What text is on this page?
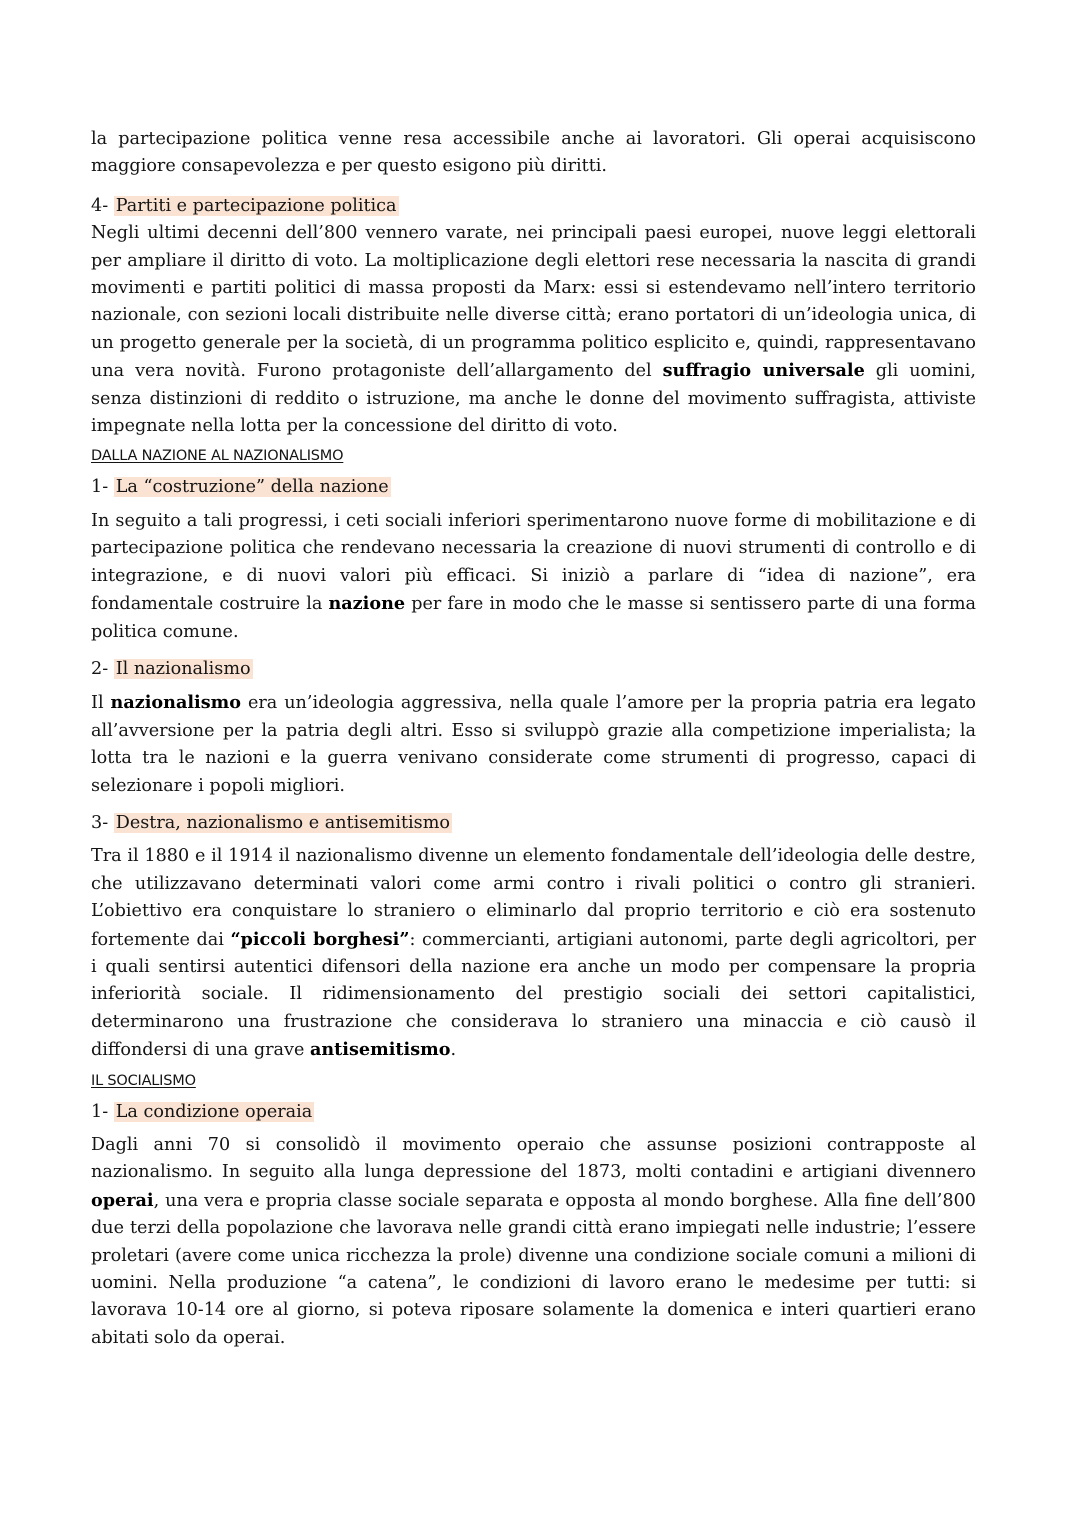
la partecipazione politica venne resa accessibile anche ai lavoratori. Gli operai acquisiscono maggiore consapevolezza e per questo esigono più diritti.

4- Partiti e partecipazione politica

Negli ultimi decenni dell’800 vennero varate, nei principali paesi europei, nuove leggi elettorali per ampliare il diritto di voto. La moltiplicazione degli elettori rese necessaria la nascita di grandi movimenti e partiti politici di massa proposti da Marx: essi si estendevamo nell’intero territorio nazionale, con sezioni locali distribuite nelle diverse città; erano portatori di un’ideologia unica, di un progetto generale per la società, di un programma politico esplicito e, quindi, rappresentavano una vera novità. Furono protagoniste dell’allargamento del suffragio universale gli uomini, senza distinzioni di reddito o istruzione, ma anche le donne del movimento suffragista, attiviste impegnate nella lotta per la concessione del diritto di voto.

DALLA NAZIONE AL NAZIONALISMO
1- La “costruzione” della nazione

In seguito a tali progressi, i ceti sociali inferiori sperimentarono nuove forme di mobilitazione e di partecipazione politica che rendevano necessaria la creazione di nuovi strumenti di controllo e di integrazione, e di nuovi valori più efficaci. Si iniziò a parlare di “idea di nazione”, era fondamentale costruire la nazione per fare in modo che le masse si sentissero parte di una forma politica comune.

2- Il nazionalismo

Il nazionalismo era un’ideologia aggressiva, nella quale l’amore per la propria patria era legato all’avversione per la patria degli altri. Esso si sviluppò grazie alla competizione imperialista; la lotta tra le nazioni e la guerra venivano considerate come strumenti di progresso, capaci di selezionare i popoli migliori.

3- Destra, nazionalismo e antisemitismo

Tra il 1880 e il 1914 il nazionalismo divenne un elemento fondamentale dell’ideologia delle destre, che utilizzavano determinati valori come armi contro i rivali politici o contro gli stranieri. L’obiettivo era conquistare lo straniero o eliminarlo dal proprio territorio e ciò era sostenuto fortemente dai “piccoli borghesi”: commercianti, artigiani autonomi, parte degli agricoltori, per i quali sentirsi autentici difensori della nazione era anche un modo per compensare la propria inferiorità sociale. Il ridimensionamento del prestigio sociali dei settori capitalistici, determinarono una frustrazione che considerava lo straniero una minaccia e ciò causò il diffondersi di una grave antisemitismo.

IL SOCIALISMO
1- La condizione operaia

Dagli anni 70 si consolidò il movimento operaio che assunse posizioni contrapposte al nazionalismo. In seguito alla lunga depressione del 1873, molti contadini e artigiani divennero operai, una vera e propria classe sociale separata e opposta al mondo borghese. Alla fine dell’800 due terzi della popolazione che lavorava nelle grandi città erano impiegati nelle industrie; l’essere proletari (avere come unica ricchezza la prole) divenne una condizione sociale comuni a milioni di uomini. Nella produzione “a catena”, le condizioni di lavoro erano le medesime per tutti: si lavorava 10-14 ore al giorno, si poteva riposare solamente la domenica e interi quartieri erano abitati solo da operai.
